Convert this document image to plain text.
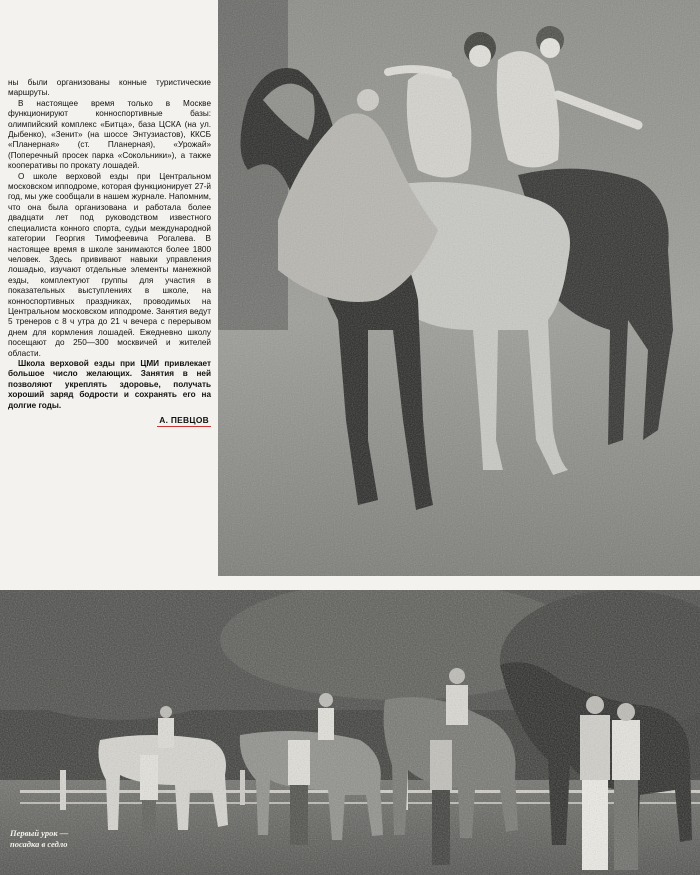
ны были организованы конные туристические маршруты.

В настоящее время только в Москве функционируют конноспортивные базы: олимпийский комплекс «Битца», база ЦСКА (на ул. Дыбенко), «Зенит» (на шоссе Энтузиастов), ККСБ «Планерная» (ст. Планерная), «Урожай» (Поперечный просек парка «Сокольники»), а также кооперативы по прокату лошадей.

О школе верховой езды при Центральном московском ипподроме, которая функционирует 27-й год, мы уже сообщали в нашем журнале. Напомним, что она была организована и работала более двадцати лет под руководством известного специалиста конного спорта, судьи международной категории Георгия Тимофеевича Рогалева. В настоящее время в школе занимаются более 1800 человек. Здесь прививают навыки управления лошадью, изучают отдельные элементы манежной езды, комплектуют группы для участия в показательных выступлениях в школе, на конноспортивных праздниках, проводимых на Центральном московском ипподроме. Занятия ведут 5 тренеров с 8 ч утра до 21 ч вечера с перерывом днем для кормления лошадей. Ежедневно школу посещают до 250—300 москвичей и жителей области.

Школа верховой езды при ЦМИ привлекает большое число желающих. Занятия в ней позволяют укреплять здоровье, получать хороший заряд бодрости и сохранять его на долгие годы.

А. ПЕВЦОВ
Первый урок —
посадка в седло
